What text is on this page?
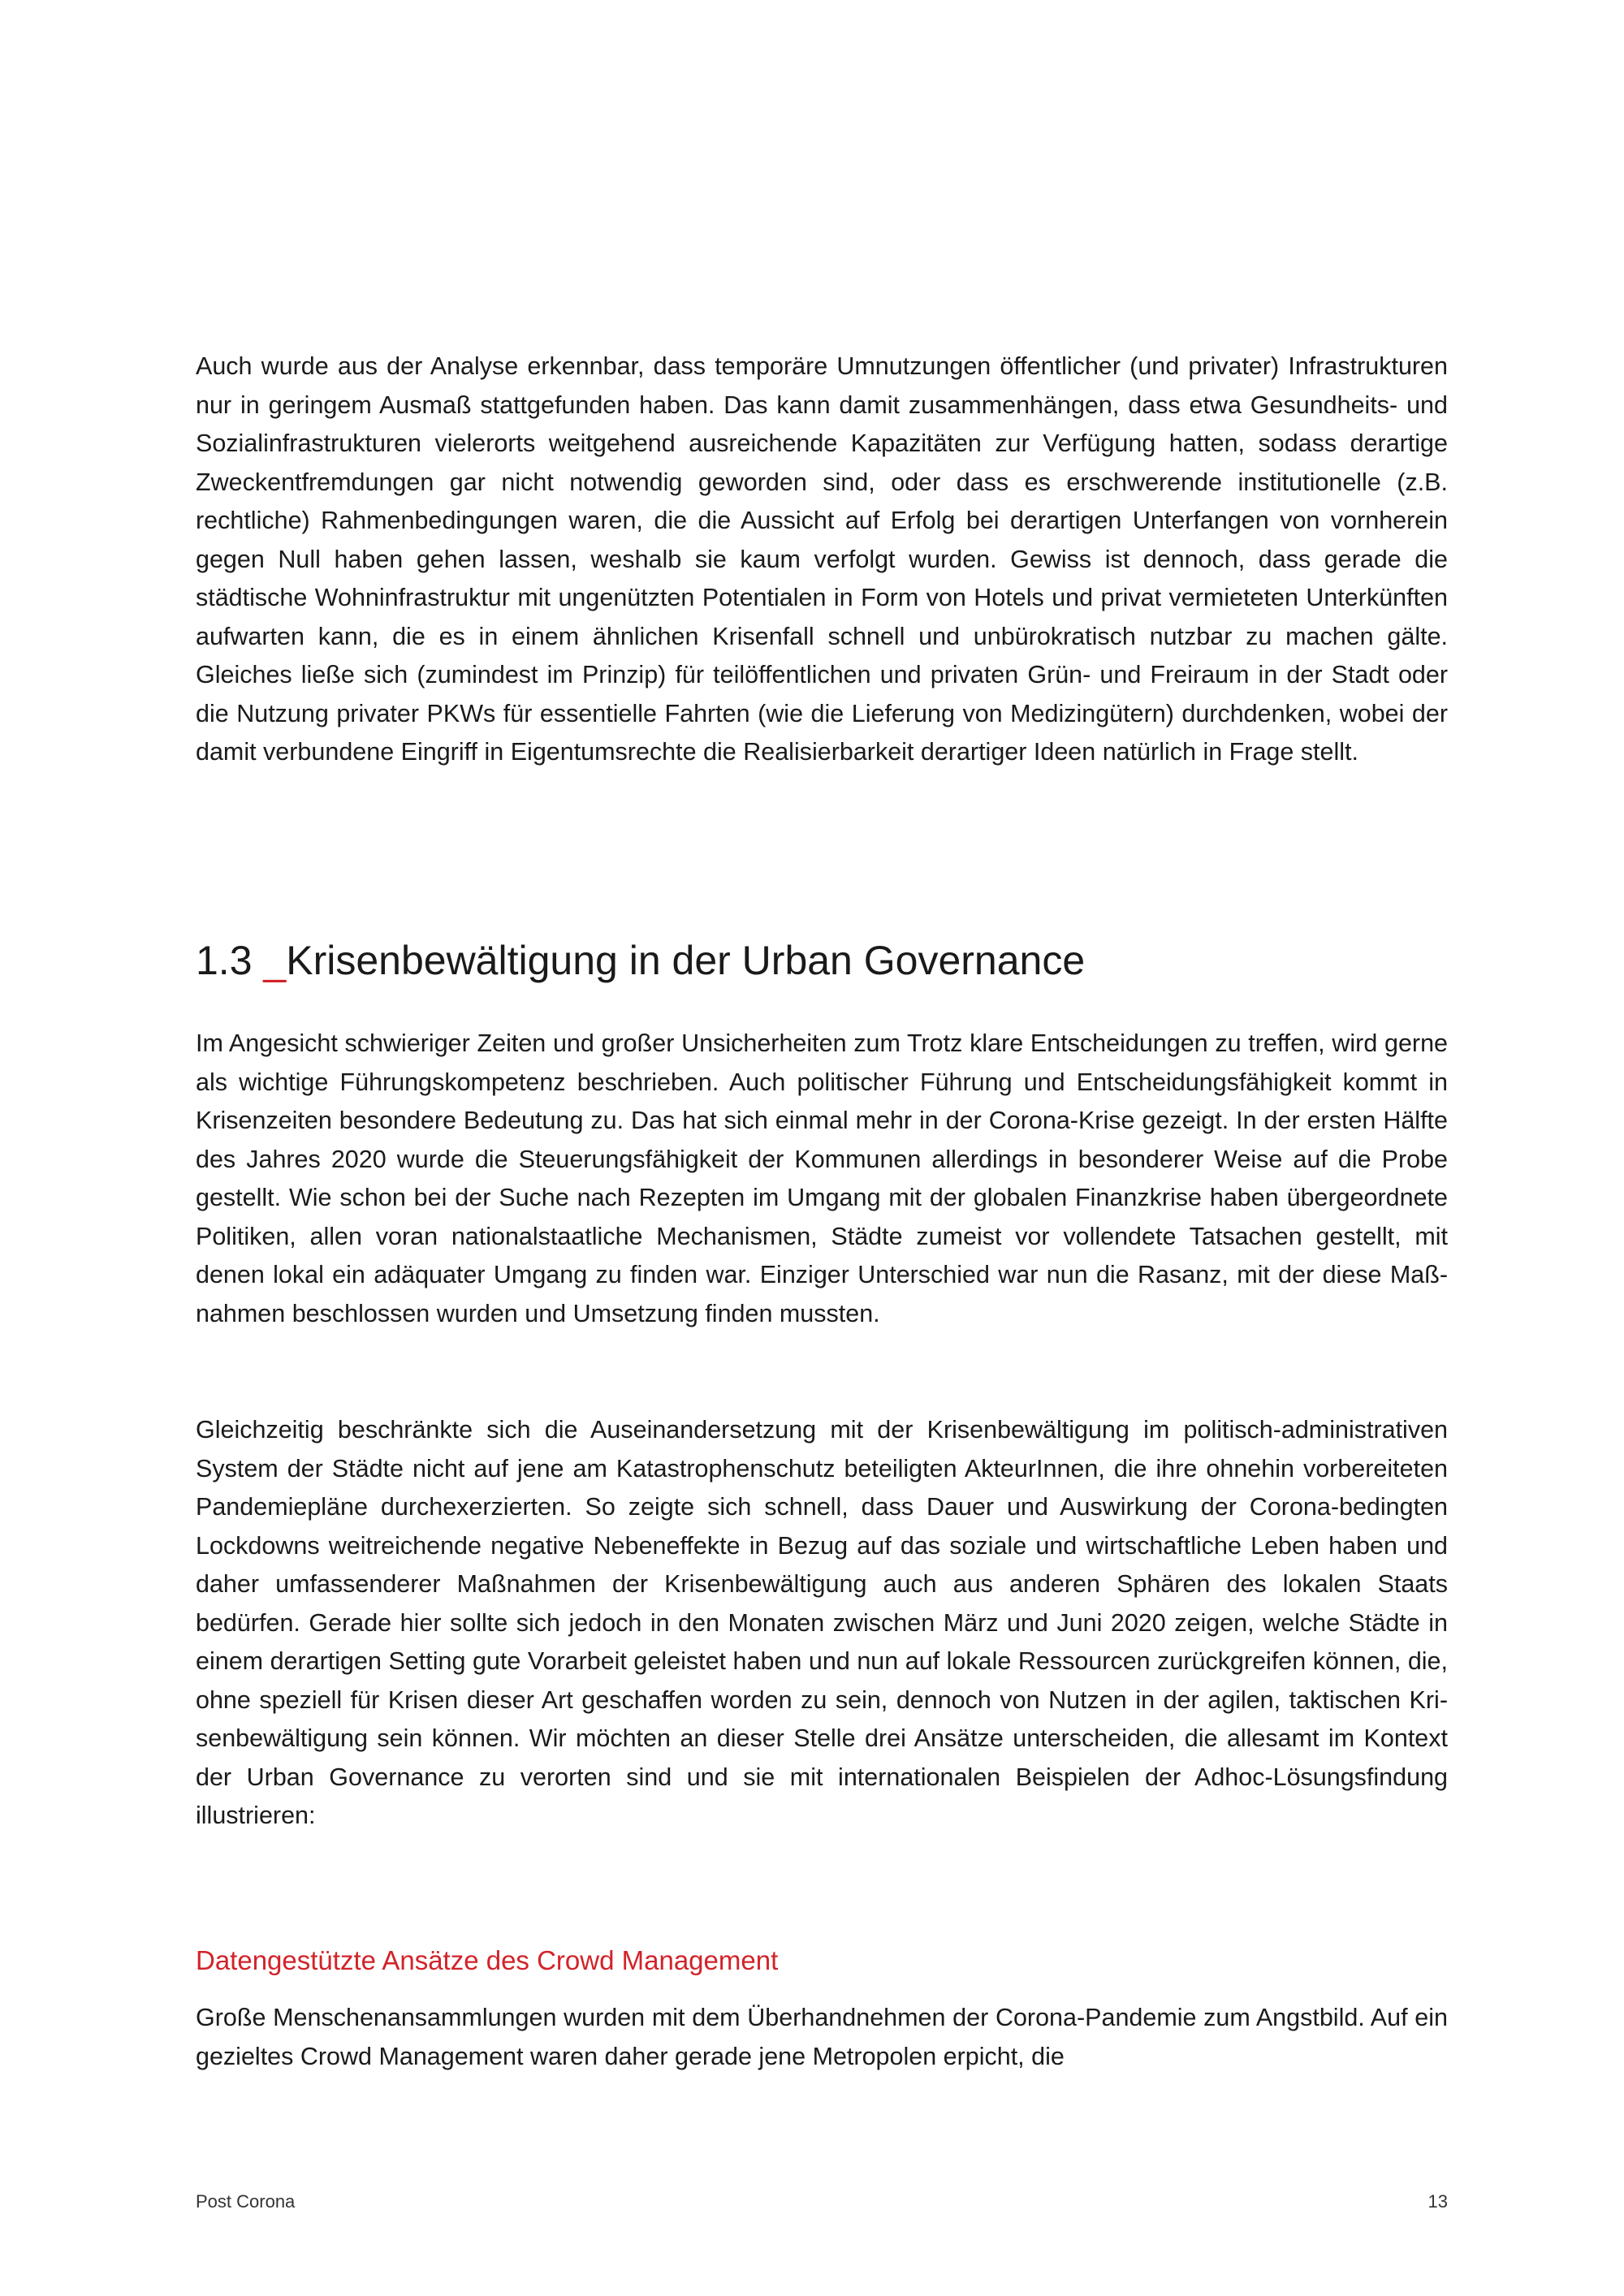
Auch wurde aus der Analyse erkennbar, dass temporäre Umnutzungen öffentlicher (und privater) Infrastrukturen nur in geringem Ausmaß stattgefunden haben. Das kann damit zusammenhängen, dass etwa Gesundheits- und Sozialinfrastrukturen vielerorts weitgehend ausreichende Kapazitäten zur Verfügung hatten, sodass derartige Zweckentfremdungen gar nicht notwendig geworden sind, oder dass es erschwerende institutionelle (z.B. rechtliche) Rahmenbedingungen waren, die die Aussicht auf Erfolg bei derartigen Unterfangen von vornherein gegen Null haben gehen lassen, weshalb sie kaum verfolgt wurden. Gewiss ist dennoch, dass gerade die städtische Wohninfrastruktur mit ungenützten Potentialen in Form von Hotels und privat vermieteten Unterkünften aufwarten kann, die es in einem ähnlichen Krisenfall schnell und unbürokratisch nutzbar zu machen gälte. Gleiches ließe sich (zumindest im Prinzip) für teilöffentlichen und privaten Grün- und Freiraum in der Stadt oder die Nutzung privater PKWs für essentielle Fahrten (wie die Lieferung von Medizingütern) durchdenken, wobei der damit verbundene Eingriff in Eigentumsrechte die Realisierbarkeit derartiger Ideen natürlich in Frage stellt.

1.3 _Krisenbewältigung in der Urban Governance

Im Angesicht schwieriger Zeiten und großer Unsicherheiten zum Trotz klare Entscheidungen zu treffen, wird gerne als wichtige Führungskompetenz beschrieben. Auch politischer Führung und Entscheidungsfähigkeit kommt in Krisenzeiten besondere Bedeutung zu. Das hat sich einmal mehr in der Corona-Krise gezeigt. In der ersten Hälfte des Jahres 2020 wurde die Steuerungsfähigkeit der Kommunen allerdings in besonderer Weise auf die Probe gestellt. Wie schon bei der Suche nach Rezepten im Umgang mit der globalen Finanzkrise haben übergeordnete Politiken, allen voran nationalstaatliche Mechanismen, Städte zumeist vor vollendete Tatsachen gestellt, mit denen lokal ein adäquater Umgang zu finden war. Einziger Unterschied war nun die Rasanz, mit der diese Maßnahmen beschlossen wurden und Umsetzung finden mussten.

Gleichzeitig beschränkte sich die Auseinandersetzung mit der Krisenbewältigung im politisch-administrativen System der Städte nicht auf jene am Katastrophenschutz beteiligten AkteurInnen, die ihre ohnehin vorbereiteten Pandemiepläne durchexerzierten. So zeigte sich schnell, dass Dauer und Auswirkung der Corona-bedingten Lockdowns weitreichende negative Nebeneffekte in Bezug auf das soziale und wirtschaftliche Leben haben und daher umfassenderer Maßnahmen der Krisenbewältigung auch aus anderen Sphären des lokalen Staats bedürfen. Gerade hier sollte sich jedoch in den Monaten zwischen März und Juni 2020 zeigen, welche Städte in einem derartigen Setting gute Vorarbeit geleistet haben und nun auf lokale Ressourcen zurückgreifen können, die, ohne speziell für Krisen dieser Art geschaffen worden zu sein, dennoch von Nutzen in der agilen, taktischen Krisenbewältigung sein können. Wir möchten an dieser Stelle drei Ansätze unterscheiden, die allesamt im Kontext der Urban Governance zu verorten sind und sie mit internationalen Beispielen der Adhoc-Lösungsfindung illustrieren:

Datengestützte Ansätze des Crowd Management

Große Menschenansammlungen wurden mit dem Überhandnehmen der Corona-Pandemie zum Angstbild. Auf ein gezieltes Crowd Management waren daher gerade jene Metropolen erpicht, die

Post Corona	13
